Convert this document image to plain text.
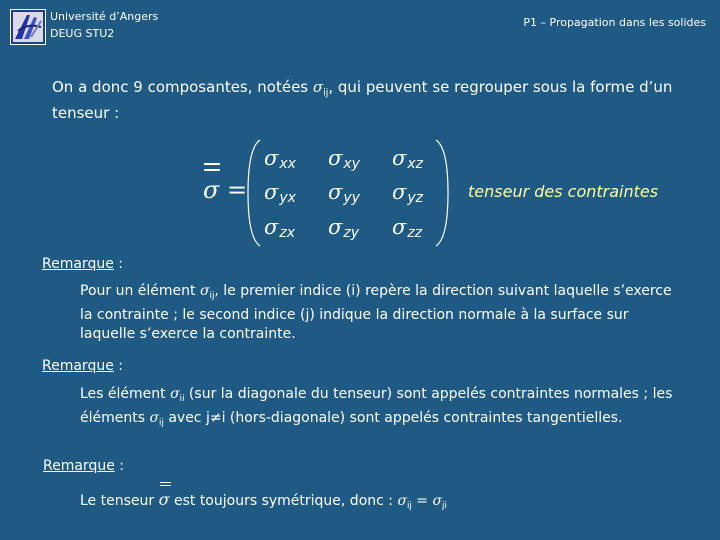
Université d’Angers
DEUG STU2
P1 – Propagation dans les solides
On a donc 9 composantes, notées $\sigma_{ij}$, qui peuvent se regrouper sous la forme d’un tenseur :
σ =
σxx σxy σxz
σyx σyy σyz
σzx σzy σzz
tenseur des contraintes
Remarque :
Pour un élément $\sigma_{ij}$, le premier indice (i) repère la direction suivant laquelle s’exerce la contrainte ; le second indice (j) indique la direction normale à la surface sur laquelle s’exerce la contrainte.
Remarque :
Les élément $\sigma_{ii}$ (sur la diagonale du tenseur) sont appelés contraintes normales ; les éléments $\sigma_{ij}$ avec j≠i (hors-diagonale) sont appelés contraintes tangentielles.
Remarque :
Le tenseur
σ est toujours symétrique, donc : $\sigma_{ij} = \sigma_{ji}$
